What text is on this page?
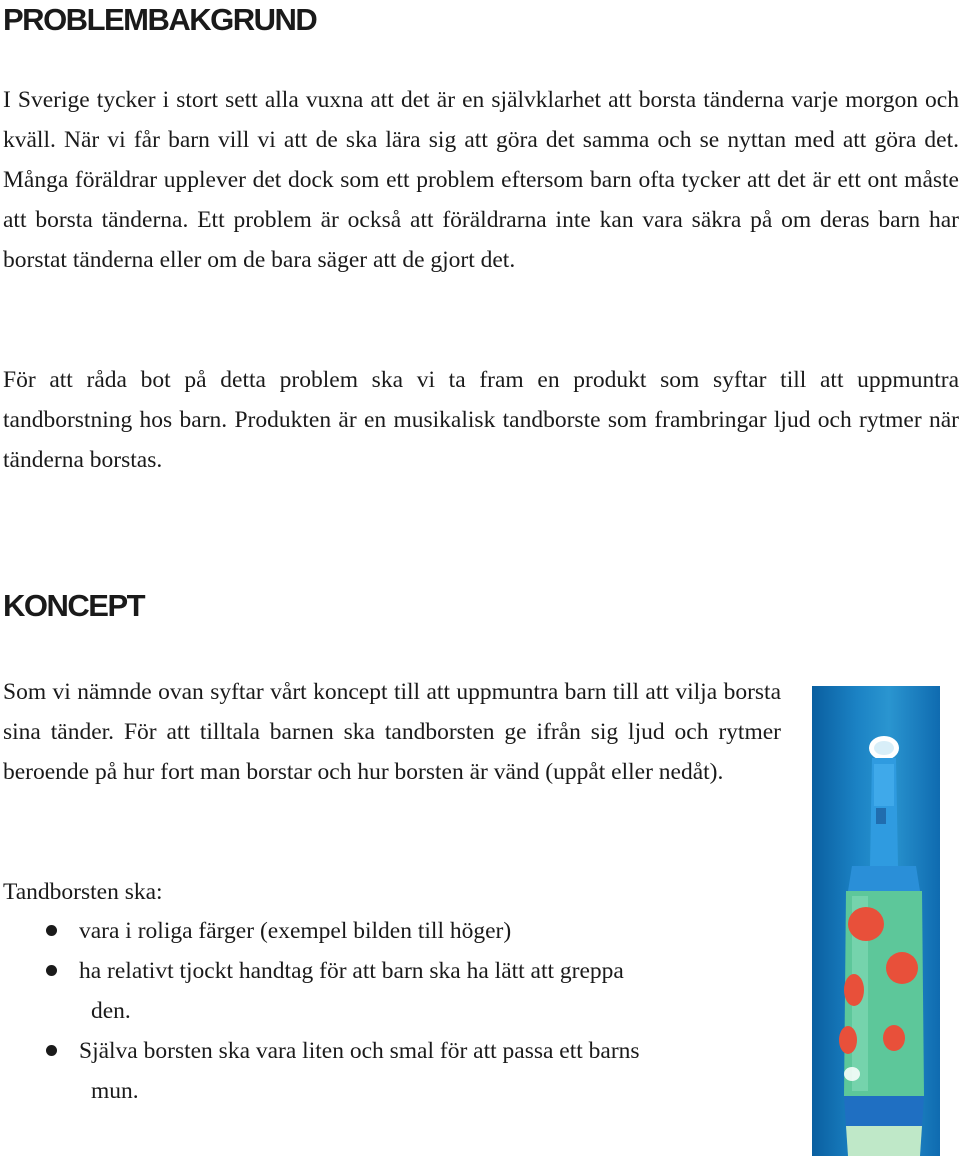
PROBLEMBAKGRUND

I Sverige tycker i stort sett alla vuxna att det är en självklarhet att borsta tänderna varje morgon och kväll. När vi får barn vill vi att de ska lära sig att göra det samma och se nyttan med att göra det. Många föräldrar upplever det dock som ett problem eftersom barn ofta tycker att det är ett ont måste att borsta tänderna. Ett problem är också att föräldrarna inte kan vara säkra på om deras barn har borstat tänderna eller om de bara säger att de gjort det.

För att råda bot på detta problem ska vi ta fram en produkt som syftar till att uppmuntra tandborstning hos barn. Produkten är en musikalisk tandborste som frambringar ljud och rytmer när tänderna borstas.

KONCEPT

Som vi nämnde ovan syftar vårt koncept till att uppmuntra barn till att vilja borsta sina tänder. För att tilltala barnen ska tandborsten ge ifrån sig ljud och rytmer beroende på hur fort man borstar och hur borsten är vänd (uppåt eller nedåt).

Tandborsten ska:

vara i roliga färger (exempel bilden till höger)
ha relativt tjockt handtag för att barn ska ha lätt att greppa
den.
Själva borsten ska vara liten och smal för att passa ett barns
mun.
